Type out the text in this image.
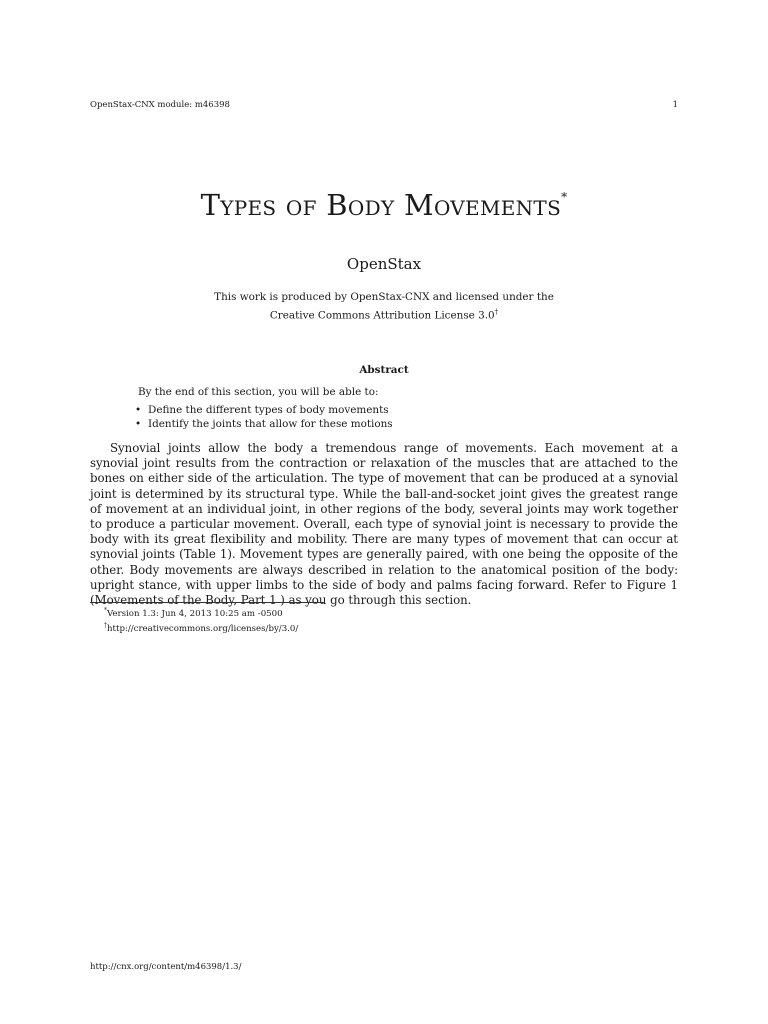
OpenStax-CNX module: m46398	1
Types of Body Movements*
OpenStax
This work is produced by OpenStax-CNX and licensed under the
Creative Commons Attribution License 3.0†
Abstract
By the end of this section, you will be able to:
• Define the different types of body movements
• Identify the joints that allow for these motions

Synovial joints allow the body a tremendous range of movements. Each movement at a synovial joint results from the contraction or relaxation of the muscles that are attached to the bones on either side of the articulation. The type of movement that can be produced at a synovial joint is determined by its structural type. While the ball-and-socket joint gives the greatest range of movement at an individual joint, in other regions of the body, several joints may work together to produce a particular movement. Overall, each type of synovial joint is necessary to provide the body with its great flexibility and mobility. There are many types of movement that can occur at synovial joints (Table 1). Movement types are generally paired, with one being the opposite of the other. Body movements are always described in relation to the anatomical position of the body: upright stance, with upper limbs to the side of body and palms facing forward. Refer to Figure 1 (Movements of the Body, Part 1 ) as you go through this section.

*Version 1.3: Jun 4, 2013 10:25 am -0500
†http://creativecommons.org/licenses/by/3.0/
http://cnx.org/content/m46398/1.3/
